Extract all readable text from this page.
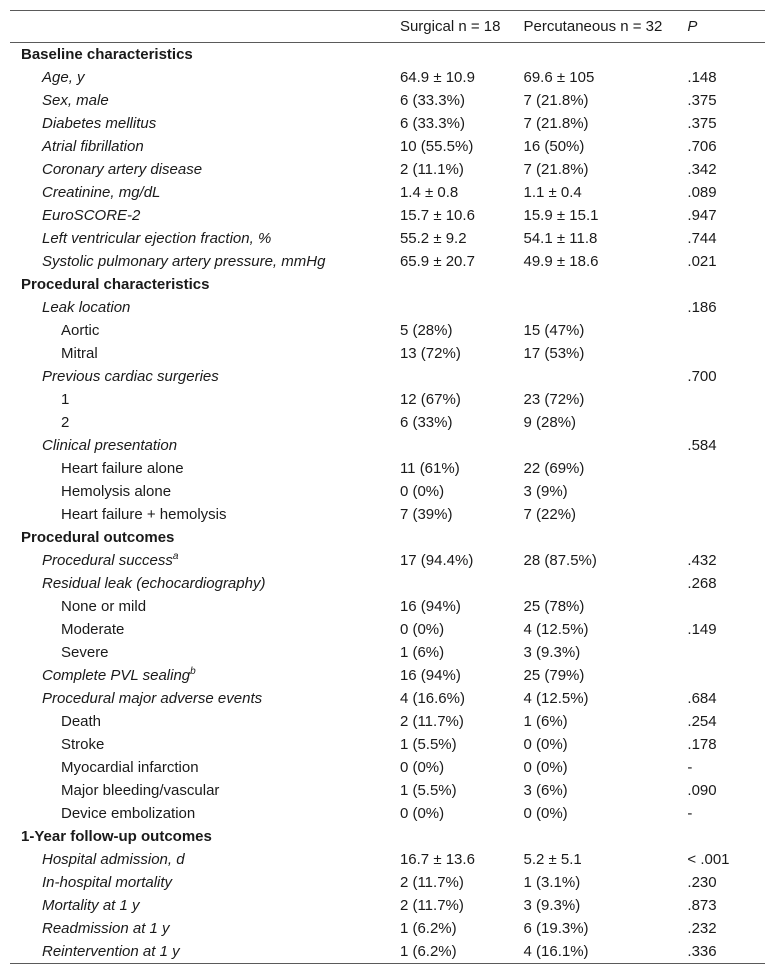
	Surgical n = 18	Percutaneous n = 32	P
Baseline characteristics			
Age, y	64.9 ± 10.9	69.6 ± 105	.148
Sex, male	6 (33.3%)	7 (21.8%)	.375
Diabetes mellitus	6 (33.3%)	7 (21.8%)	.375
Atrial fibrillation	10 (55.5%)	16 (50%)	.706
Coronary artery disease	2 (11.1%)	7 (21.8%)	.342
Creatinine, mg/dL	1.4 ± 0.8	1.1 ± 0.4	.089
EuroSCORE-2	15.7 ± 10.6	15.9 ± 15.1	.947
Left ventricular ejection fraction, %	55.2 ± 9.2	54.1 ± 11.8	.744
Systolic pulmonary artery pressure, mmHg	65.9 ± 20.7	49.9 ± 18.6	.021
Procedural characteristics			
Leak location			.186
Aortic	5 (28%)	15 (47%)	
Mitral	13 (72%)	17 (53%)	
Previous cardiac surgeries			.700
1	12 (67%)	23 (72%)	
2	6 (33%)	9 (28%)	
Clinical presentation			.584
Heart failure alone	11 (61%)	22 (69%)	
Hemolysis alone	0 (0%)	3 (9%)	
Heart failure + hemolysis	7 (39%)	7 (22%)	
Procedural outcomes			
Procedural success$^a$	17 (94.4%)	28 (87.5%)	.432
Residual leak (echocardiography)			.268
None or mild	16 (94%)	25 (78%)	
Moderate	0 (0%)	4 (12.5%)	.149
Severe	1 (6%)	3 (9.3%)	
Complete PVL sealing$^b$	16 (94%)	25 (79%)	
Procedural major adverse events	4 (16.6%)	4 (12.5%)	.684
Death	2 (11.7%)	1 (6%)	.254
Stroke	1 (5.5%)	0 (0%)	.178
Myocardial infarction	0 (0%)	0 (0%)	-
Major bleeding/vascular	1 (5.5%)	3 (6%)	.090
Device embolization	0 (0%)	0 (0%)	-
1-Year follow-up outcomes			
Hospital admission, d	16.7 ± 13.6	5.2 ± 5.1	< .001
In-hospital mortality	2 (11.7%)	1 (3.1%)	.230
Mortality at 1 y	2 (11.7%)	3 (9.3%)	.873
Readmission at 1 y	1 (6.2%)	6 (19.3%)	.232
Reintervention at 1 y	1 (6.2%)	4 (16.1%)	.336
